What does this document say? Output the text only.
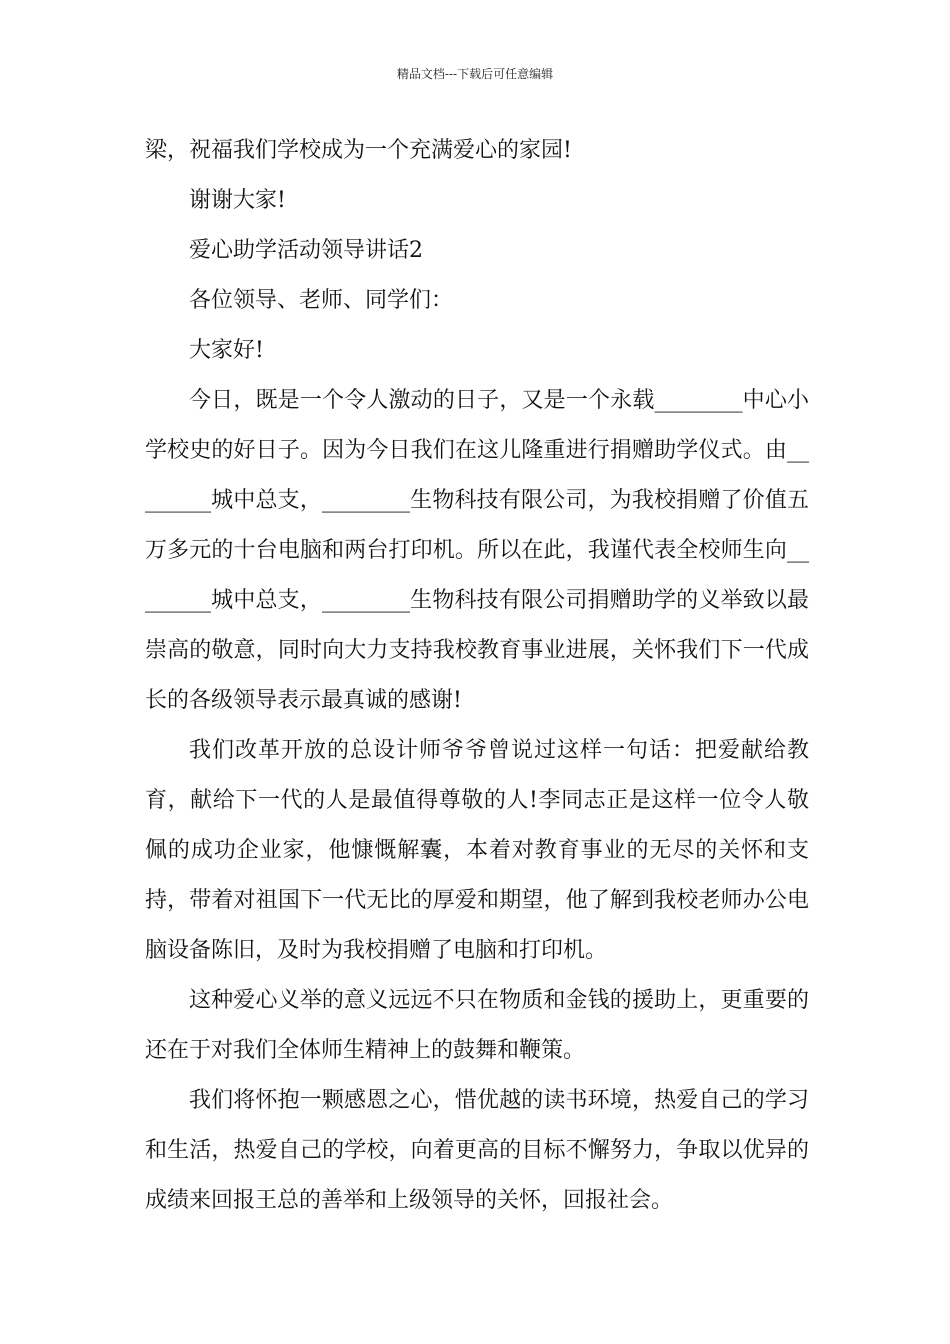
精品文档---下载后可任意编辑

梁，祝福我们学校成为一个充满爱心的家园!

谢谢大家!

爱心助学活动领导讲话2

各位领导、老师、同学们：

大家好!

今日，既是一个令人激动的日子，又是一个永载________中心小学校史的好日子。因为今日我们在这儿隆重进行捐赠助学仪式。由________城中总支，________生物科技有限公司，为我校捐赠了价值五万多元的十台电脑和两台打印机。所以在此，我谨代表全校师生向________城中总支，________生物科技有限公司捐赠助学的义举致以最崇高的敬意，同时向大力支持我校教育事业进展，关怀我们下一代成长的各级领导表示最真诚的感谢!

我们改革开放的总设计师爷爷曾说过这样一句话：把爱献给教育，献给下一代的人是最值得尊敬的人!李同志正是这样一位令人敬佩的成功企业家，他慷慨解囊，本着对教育事业的无尽的关怀和支持，带着对祖国下一代无比的厚爱和期望，他了解到我校老师办公电脑设备陈旧，及时为我校捐赠了电脑和打印机。

这种爱心义举的意义远远不只在物质和金钱的援助上，更重要的还在于对我们全体师生精神上的鼓舞和鞭策。

我们将怀抱一颗感恩之心，惜优越的读书环境，热爱自己的学习和生活，热爱自己的学校，向着更高的目标不懈努力，争取以优异的成绩来回报王总的善举和上级领导的关怀，回报社会。
